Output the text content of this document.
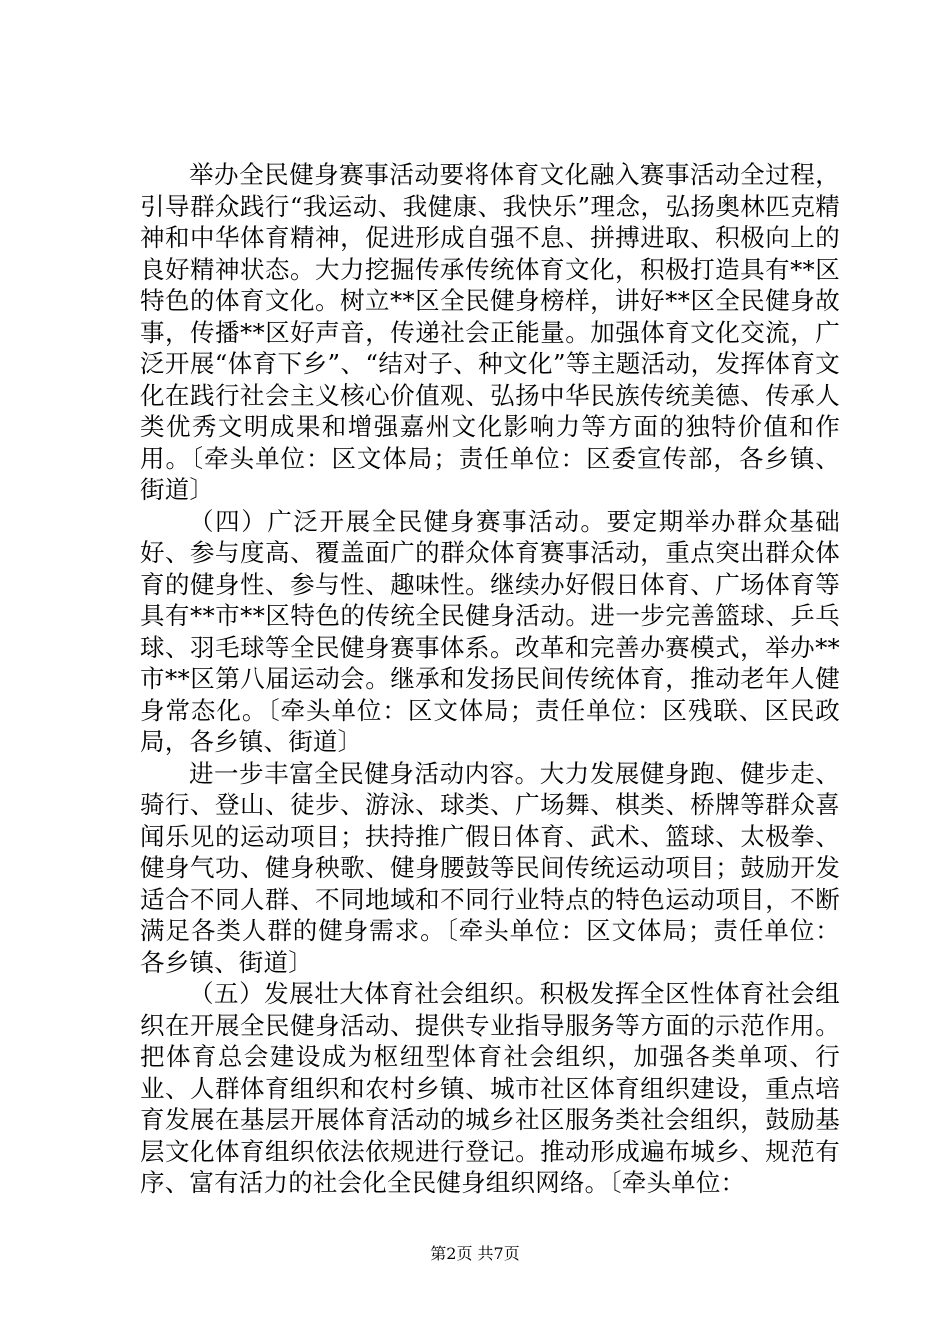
举办全民健身赛事活动要将体育文化融入赛事活动全过程，引导群众践行“我运动、我健康、我快乐”理念，弘扬奥林匹克精神和中华体育精神，促进形成自强不息、拼搏进取、积极向上的良好精神状态。大力挖掘传承传统体育文化，积极打造具有**区特色的体育文化。树立**区全民健身榜样，讲好**区全民健身故事，传播**区好声音，传递社会正能量。加强体育文化交流，广泛开展“体育下乡”、“结对子、种文化”等主题活动，发挥体育文化在践行社会主义核心价值观、弘扬中华民族传统美德、传承人类优秀文明成果和增强嘉州文化影响力等方面的独特价值和作用。〔牵头单位：区文体局；责任单位：区委宣传部，各乡镇、街道〕

（四）广泛开展全民健身赛事活动。要定期举办群众基础好、参与度高、覆盖面广的群众体育赛事活动，重点突出群众体育的健身性、参与性、趣味性。继续办好假日体育、广场体育等具有**市**区特色的传统全民健身活动。进一步完善篮球、乒乓球、羽毛球等全民健身赛事体系。改革和完善办赛模式，举办**市**区第八届运动会。继承和发扬民间传统体育，推动老年人健身常态化。〔牵头单位：区文体局；责任单位：区残联、区民政局，各乡镇、街道〕

进一步丰富全民健身活动内容。大力发展健身跑、健步走、骑行、登山、徒步、游泳、球类、广场舞、棋类、桥牌等群众喜闻乐见的运动项目；扶持推广假日体育、武术、篮球、太极拳、健身气功、健身秧歌、健身腰鼓等民间传统运动项目；鼓励开发适合不同人群、不同地域和不同行业特点的特色运动项目，不断满足各类人群的健身需求。〔牵头单位：区文体局；责任单位：各乡镇、街道〕

（五）发展壮大体育社会组织。积极发挥全区性体育社会组织在开展全民健身活动、提供专业指导服务等方面的示范作用。把体育总会建设成为枢纽型体育社会组织，加强各类单项、行业、人群体育组织和农村乡镇、城市社区体育组织建设，重点培育发展在基层开展体育活动的城乡社区服务类社会组织，鼓励基层文化体育组织依法依规进行登记。推动形成遍布城乡、规范有序、富有活力的社会化全民健身组织网络。〔牵头单位：

第2页 共7页
